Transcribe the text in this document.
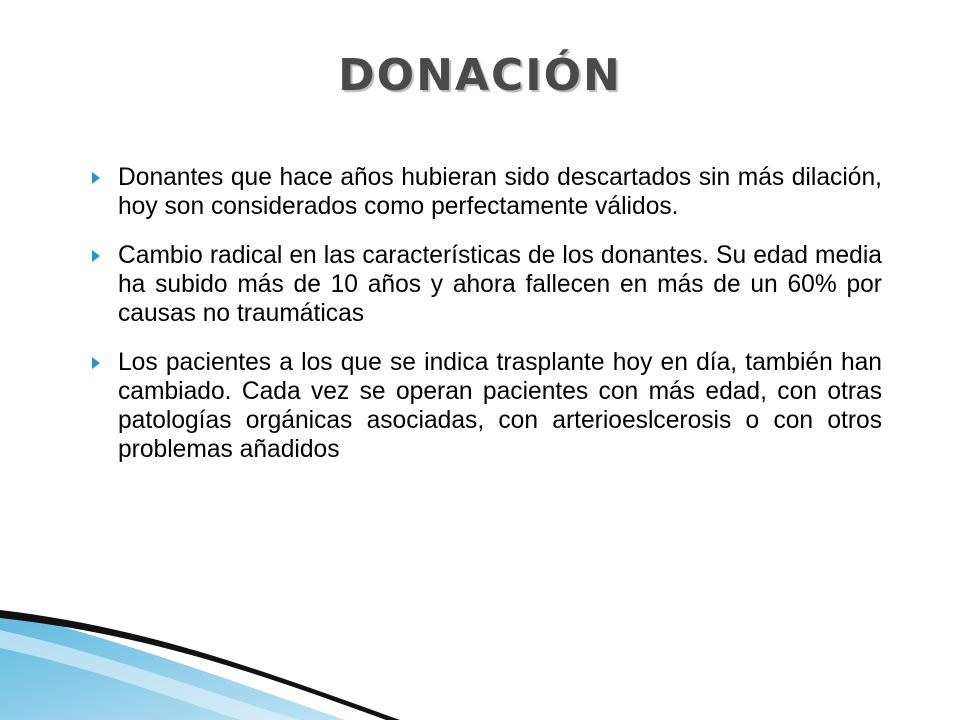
DONACIÓN
Donantes que hace años hubieran sido descartados sin más dilación, hoy son considerados como perfectamente válidos.
Cambio radical en las características de los donantes. Su edad media ha subido más de 10 años y ahora fallecen en más de un 60% por causas no traumáticas
Los pacientes a los que se indica trasplante hoy en día, también han cambiado. Cada vez se operan pacientes con más edad, con otras patologías orgánicas asociadas, con arterioeslcerosis o con otros problemas añadidos
